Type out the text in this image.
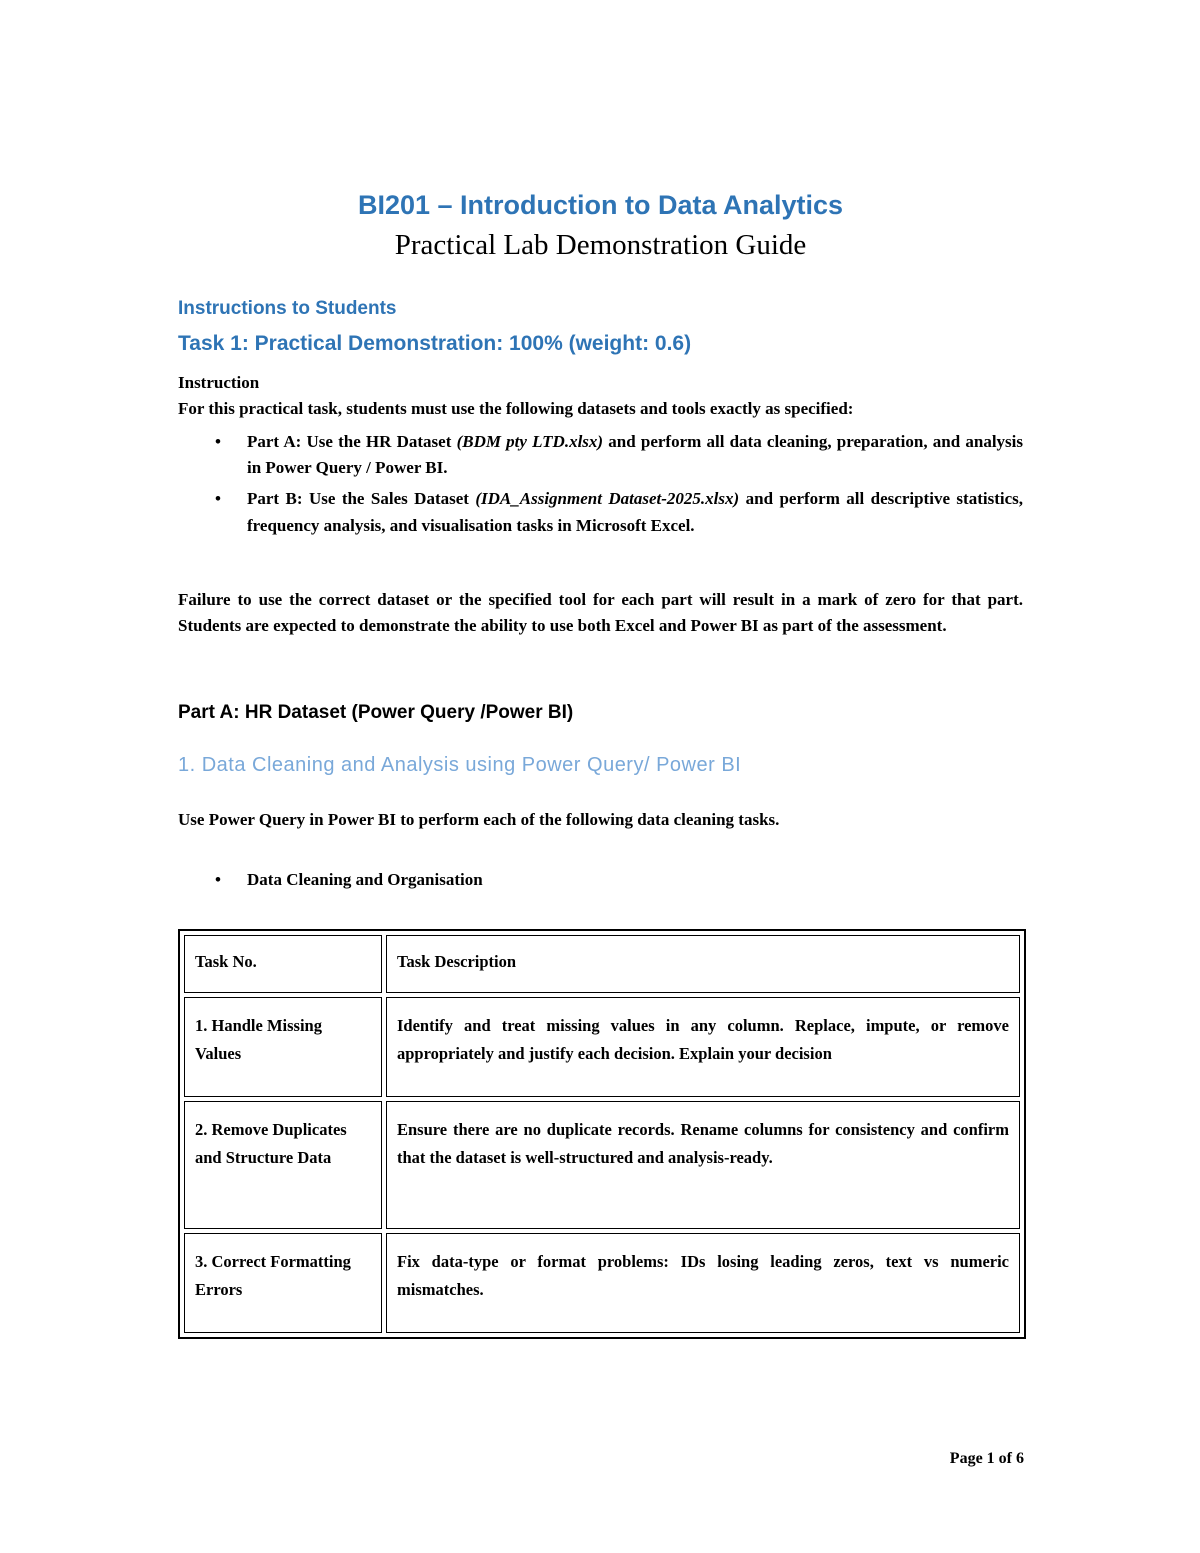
BI201 – Introduction to Data Analytics
Practical Lab Demonstration Guide
Instructions to Students
Task 1: Practical Demonstration: 100% (weight: 0.6)
Instruction
For this practical task, students must use the following datasets and tools exactly as specified:
•
Part A: Use the HR Dataset (BDM pty LTD.xlsx) and perform all data cleaning, preparation, and analysis in Power Query / Power BI.
•
Part B: Use the Sales Dataset (IDA_Assignment Dataset-2025.xlsx) and perform all descriptive statistics, frequency analysis, and visualisation tasks in Microsoft Excel.
Failure to use the correct dataset or the specified tool for each part will result in a mark of zero for that part. Students are expected to demonstrate the ability to use both Excel and Power BI as part of the assessment.
Part A: HR Dataset (Power Query /Power BI)
1. Data Cleaning and Analysis using Power Query/ Power BI
Use Power Query in Power BI to perform each of the following data cleaning tasks.
•
Data Cleaning and Organisation
Task No.	Task Description
1. Handle Missing Values	Identify and treat missing values in any column. Replace, impute, or remove appropriately and justify each decision. Explain your decision
2. Remove Duplicates and Structure Data	Ensure there are no duplicate records. Rename columns for consistency and confirm that the dataset is well-structured and analysis-ready.
3. Correct Formatting Errors	Fix data-type or format problems: IDs losing leading zeros, text vs numeric mismatches.
Page 1 of 6
